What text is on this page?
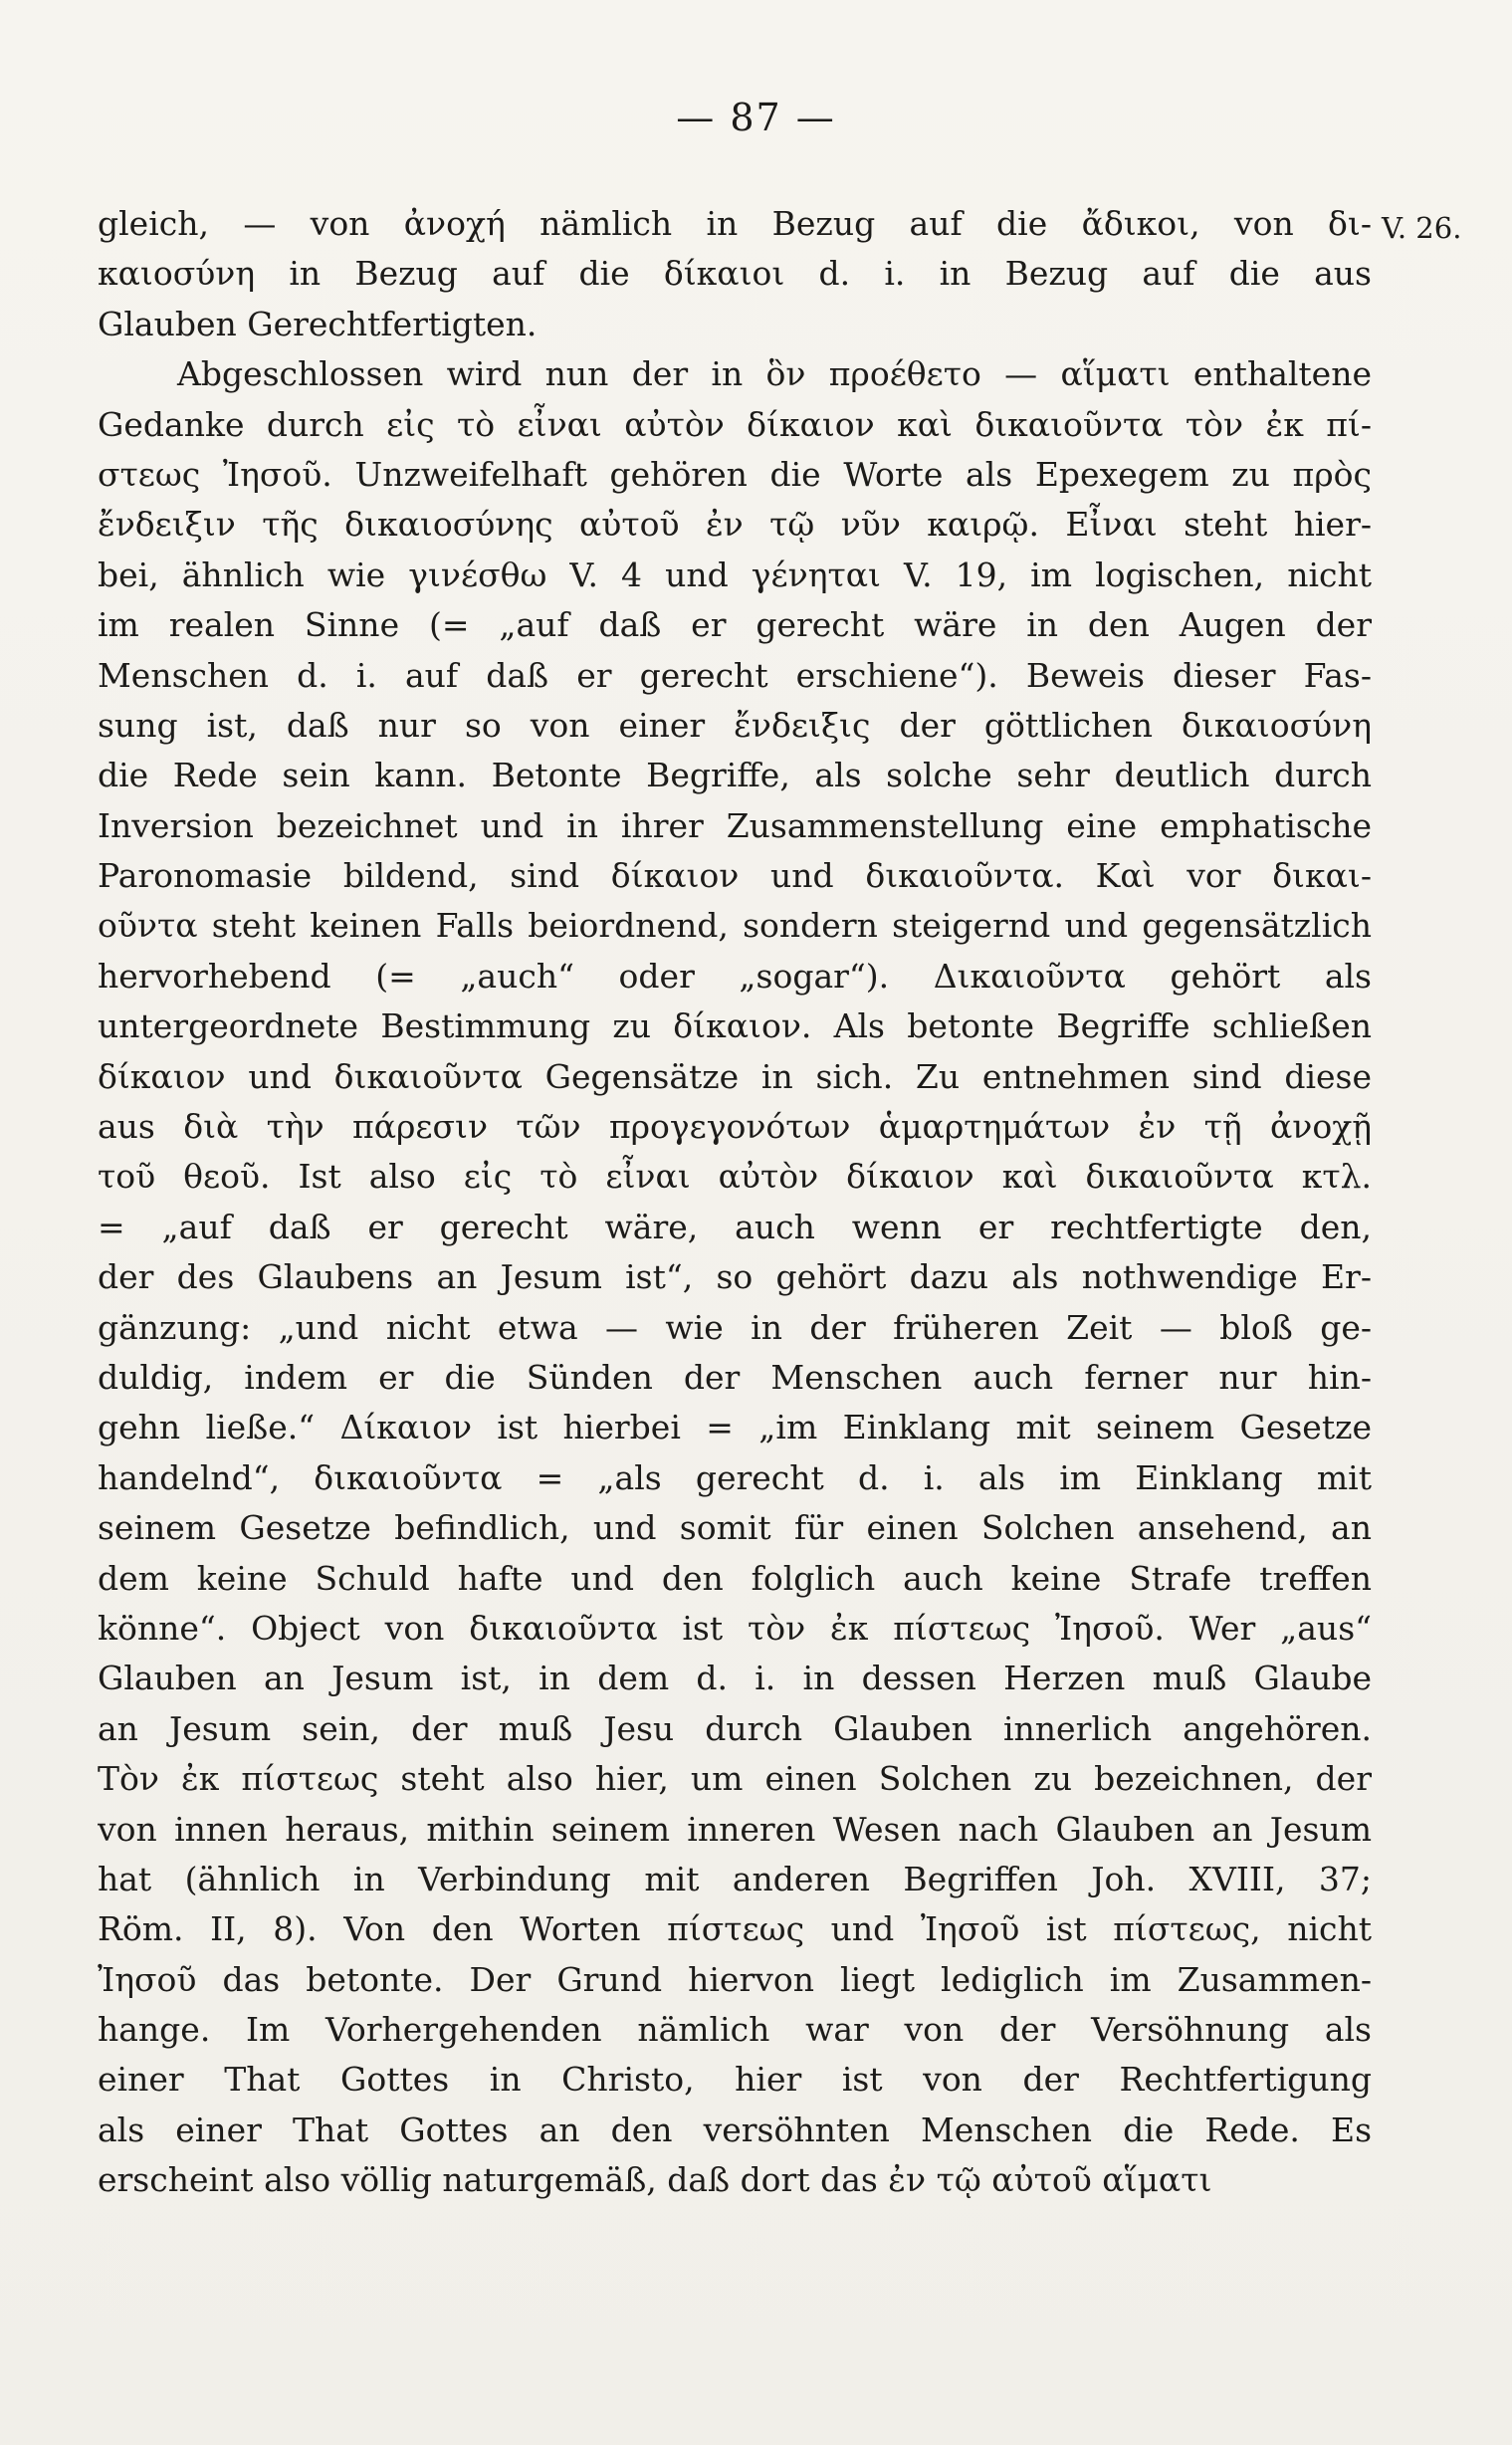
— 87 —
V. 26.
gleich, — von ἀνοχή nämlich in Bezug auf die ἄδικοι, von δι-
καιοσύνη in Bezug auf die δίκαιοι d. i. in Bezug auf die aus
Glauben Gerechtfertigten.
Abgeschlossen wird nun der in ὃν προέθετο — αἵματι enthaltene
Gedanke durch εἰς τὸ εἶναι αὐτὸν δίκαιον καὶ δικαιοῦντα τὸν ἐκ πί-
στεως Ἰησοῦ. Unzweifelhaft gehören die Worte als Epexegem zu πρὸς
ἔνδειξιν τῆς δικαιοσύνης αὐτοῦ ἐν τῷ νῦν καιρῷ. Εἶναι steht hier-
bei, ähnlich wie γινέσθω V. 4 und γένηται V. 19, im logischen, nicht
im realen Sinne (= „auf daß er gerecht wäre in den Augen der
Menschen d. i. auf daß er gerecht erschiene“). Beweis dieser Fas-
sung ist, daß nur so von einer ἔνδειξις der göttlichen δικαιοσύνη
die Rede sein kann. Betonte Begriffe, als solche sehr deutlich durch
Inversion bezeichnet und in ihrer Zusammenstellung eine emphatische
Paronomasie bildend, sind δίκαιον und δικαιοῦντα. Καὶ vor δικαι-
οῦντα steht keinen Falls beiordnend, sondern steigernd und gegensätzlich
hervorhebend (= „auch“ oder „sogar“). Δικαιοῦντα gehört als
untergeordnete Bestimmung zu δίκαιον. Als betonte Begriffe schließen
δίκαιον und δικαιοῦντα Gegensätze in sich. Zu entnehmen sind diese
aus διὰ τὴν πάρεσιν τῶν προγεγονότων ἁμαρτημάτων ἐν τῇ ἀνοχῇ
τοῦ θεοῦ. Ist also εἰς τὸ εἶναι αὐτὸν δίκαιον καὶ δικαιοῦντα κτλ.
= „auf daß er gerecht wäre, auch wenn er rechtfertigte den,
der des Glaubens an Jesum ist“, so gehört dazu als nothwendige Er-
gänzung: „und nicht etwa — wie in der früheren Zeit — bloß ge-
duldig, indem er die Sünden der Menschen auch ferner nur hin-
gehn ließe.“ Δίκαιον ist hierbei = „im Einklang mit seinem Gesetze
handelnd“, δικαιοῦντα = „als gerecht d. i. als im Einklang mit
seinem Gesetze befindlich, und somit für einen Solchen ansehend, an
dem keine Schuld hafte und den folglich auch keine Strafe treffen
könne“. Object von δικαιοῦντα ist τὸν ἐκ πίστεως Ἰησοῦ. Wer „aus“
Glauben an Jesum ist, in dem d. i. in dessen Herzen muß Glaube
an Jesum sein, der muß Jesu durch Glauben innerlich angehören.
Τὸν ἐκ πίστεως steht also hier, um einen Solchen zu bezeichnen, der
von innen heraus, mithin seinem inneren Wesen nach Glauben an Jesum
hat (ähnlich in Verbindung mit anderen Begriffen Joh. XVIII, 37;
Röm. II, 8). Von den Worten πίστεως und Ἰησοῦ ist πίστεως, nicht
Ἰησοῦ das betonte. Der Grund hiervon liegt lediglich im Zusammen-
hange. Im Vorhergehenden nämlich war von der Versöhnung als
einer That Gottes in Christo, hier ist von der Rechtfertigung
als einer That Gottes an den versöhnten Menschen die Rede. Es
erscheint also völlig naturgemäß, daß dort das ἐν τῷ αὐτοῦ αἵματι
